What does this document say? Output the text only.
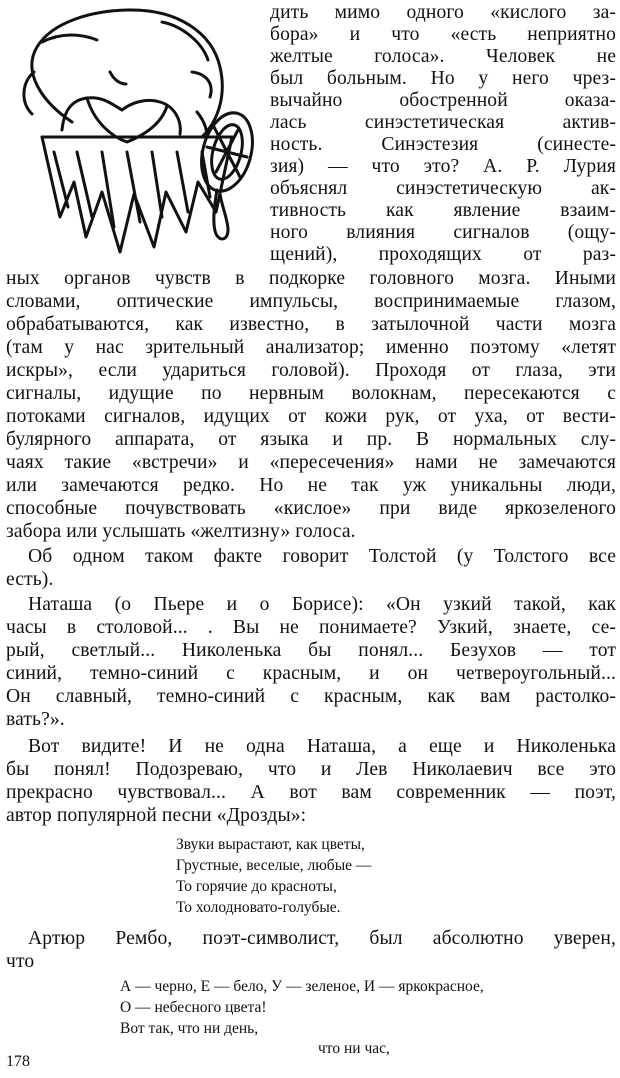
дить мимо одного «кислого за-
бора» и что «есть неприятно
желтые голоса». Человек не
был больным. Но у него чрез-
вычайно обостренной оказа-
лась синэстетическая актив-
ность. Синэстезия (синесте-
зия) — что это? А. Р. Лурия
объяснял синэстетическую ак-
тивность как явление взаим-
ного влияния сигналов (ощу-
щений), проходящих от раз-
ных органов чувств в подкорке головного мозга. Иными
словами, оптические импульсы, воспринимаемые глазом,
обрабатываются, как известно, в затылочной части мозга
(там у нас зрительный анализатор; именно поэтому «летят
искры», если удариться головой). Проходя от глаза, эти
сигналы, идущие по нервным волокнам, пересекаются с
потоками сигналов, идущих от кожи рук, от уха, от вести-
булярного аппарата, от языка и пр. В нормальных слу-
чаях такие «встречи» и «пересечения» нами не замечаются
или замечаются редко. Но не так уж уникальны люди,
способные почувствовать «кислое» при виде яркозеленого
забора или услышать «желтизну» голоса.
Об одном таком факте говорит Толстой (у Толстого все
есть).
Наташа (о Пьере и о Борисе): «Он узкий такой, как
часы в столовой... . Вы не понимаете? Узкий, знаете, се-
рый, светлый... Николенька бы понял... Безухов — тот
синий, темно-синий с красным, и он четвероугольный...
Он славный, темно-синий с красным, как вам растолко-
вать?».
Вот видите! И не одна Наташа, а еще и Николенька
бы понял! Подозреваю, что и Лев Николаевич все это
прекрасно чувствовал... А вот вам современник — поэт,
автор популярной песни «Дрозды»:
Звуки вырастают, как цветы,
Грустные, веселые, любые —
То горячие до красноты,
То холодновато-голубые.
Артюр Рембо, поэт-символист, был абсолютно уверен,
что
А — черно, Е — бело, У — зеленое, И — яркокрасное,
О — небесного цвета!
Вот так, что ни день,
что ни час,
178
